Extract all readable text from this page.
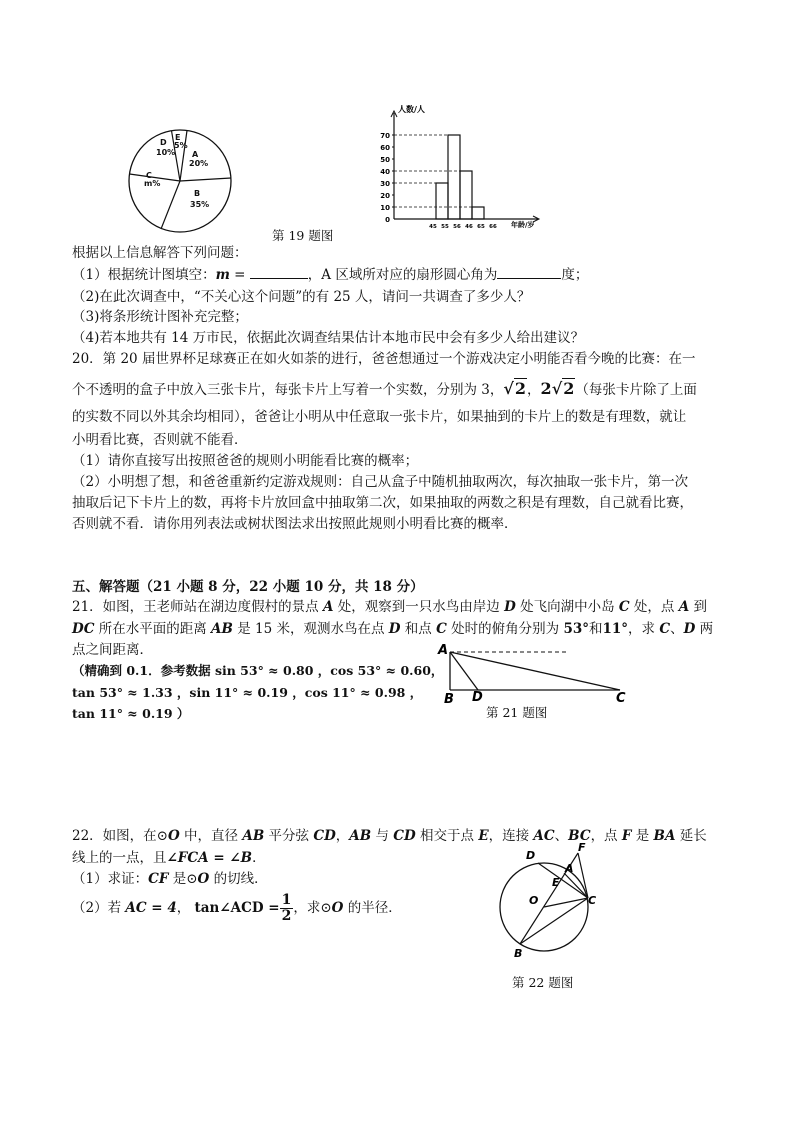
E
5%
A
20%
B
35%
C
m%
D
10%
人数/人
年龄/岁
70
60
50
40
30
20
10
0
45 55 56 46 65 66
第 19 题图
根据以上信息解答下列问题：
（1）根据统计图填空：m =	，A 区域所对应的扇形圆心角为	度；
（2)在此次调查中，“不关心这个问题”的有 25 人，请问一共调查了多少人？
（3)将条形统计图补充完整；
（4)若本地共有 14 万市民，依据此次调查结果估计本地市民中会有多少人给出建议？
20．第 20 届世界杯足球赛正在如火如荼的进行，爸爸想通过一个游戏决定小明能否看今晚的比赛：在一
个不透明的盒子中放入三张卡片，每张卡片上写着一个实数，分别为 3，√2，2√2（每张卡片除了上面
的实数不同以外其余均相同），爸爸让小明从中任意取一张卡片，如果抽到的卡片上的数是有理数，就让
小明看比赛，否则就不能看．
（1）请你直接写出按照爸爸的规则小明能看比赛的概率；
（2）小明想了想，和爸爸重新约定游戏规则：自己从盒子中随机抽取两次，每次抽取一张卡片，第一次
抽取后记下卡片上的数，再将卡片放回盒中抽取第二次，如果抽取的两数之积是有理数，自己就看比赛，
否则就不看．请你用列表法或树状图法求出按照此规则小明看比赛的概率．
五、解答题（21 小题 8 分，22 小题 10 分，共 18 分）
21．如图，王老师站在湖边度假村的景点 A 处，观察到一只水鸟由岸边 D 处飞向湖中小岛 C 处，点 A 到
DC 所在水平面的距离 AB 是 15 米，观测水鸟在点 D 和点 C 处时的俯角分别为 53°和11°，求 C、D 两
点之间距离．
（精确到 0.1．参考数据 sin 53° ≈ 0.80 ，cos 53° ≈ 0.60，
tan 53° ≈ 1.33 ，sin 11° ≈ 0.19 ，cos 11° ≈ 0.98 ，
tan 11° ≈ 0.19 ）
A
B D	C
第 21 题图
22．如图，在⊙O 中，直径 AB 平分弦 CD，AB 与 CD 相交于点 E，连接 AC、BC，点 F 是 BA 延长
线上的一点，且∠FCA = ∠B．
（1）求证：CF 是⊙O 的切线．
（2）若 AC = 4， tan∠ACD = $\frac{1}{2}$ ，求⊙O 的半径．
D
F
A
E
O	C
B
第 22 题图
